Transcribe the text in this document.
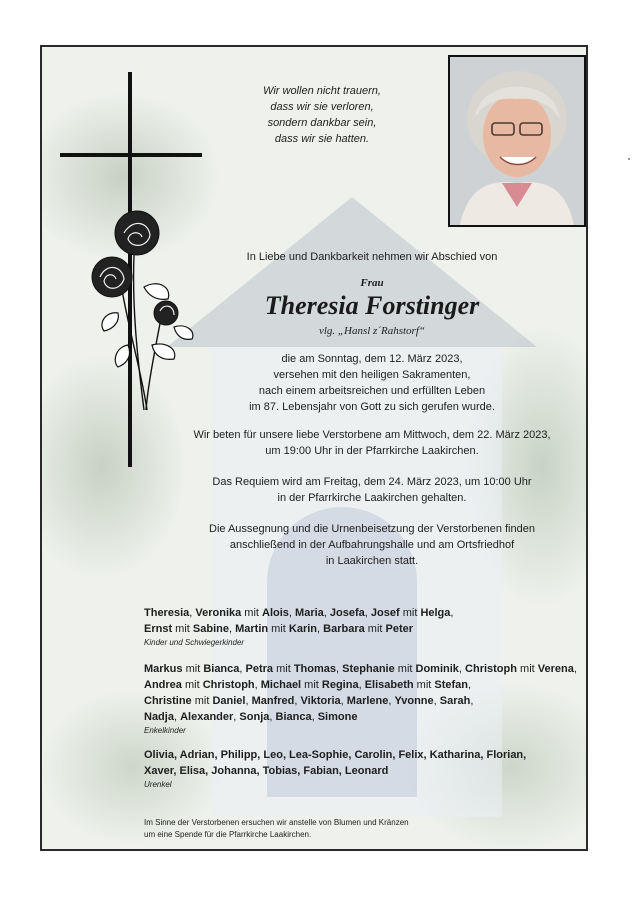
Wir wollen nicht trauern,
dass wir sie verloren,
sondern dankbar sein,
dass wir sie hatten.
In Liebe und Dankbarkeit nehmen wir Abschied von
Frau
Theresia Forstinger
vlg. „Hansl z´Rahstorf“
die am Sonntag, dem 12. März 2023,
versehen mit den heiligen Sakramenten,
nach einem arbeitsreichen und erfüllten Leben
im 87. Lebensjahr von Gott zu sich gerufen wurde.
Wir beten für unsere liebe Verstorbene am Mittwoch, dem 22. März 2023,
um 19:00 Uhr in der Pfarrkirche Laakirchen.
Das Requiem wird am Freitag, dem 24. März 2023, um 10:00 Uhr
in der Pfarrkirche Laakirchen gehalten.
Die Aussegnung und die Urnenbeisetzung der Verstorbenen finden
anschließend in der Aufbahrungshalle und am Ortsfriedhof
in Laakirchen statt.
Theresia, Veronika mit Alois, Maria, Josefa, Josef mit Helga,
Ernst mit Sabine, Martin mit Karin, Barbara mit Peter
Kinder und Schwiegerkinder
Markus mit Bianca, Petra mit Thomas, Stephanie mit Dominik, Christoph mit Verena,
Andrea mit Christoph, Michael mit Regina, Elisabeth mit Stefan,
Christine mit Daniel, Manfred, Viktoria, Marlene, Yvonne, Sarah,
Nadja, Alexander, Sonja, Bianca, Simone
Enkelkinder
Olivia, Adrian, Philipp, Leo, Lea-Sophie, Carolin, Felix, Katharina, Florian,
Xaver, Elisa, Johanna, Tobias, Fabian, Leonard
Urenkel
Im Sinne der Verstorbenen ersuchen wir anstelle von Blumen und Kränzen
um eine Spende für die Pfarrkirche Laakirchen.
